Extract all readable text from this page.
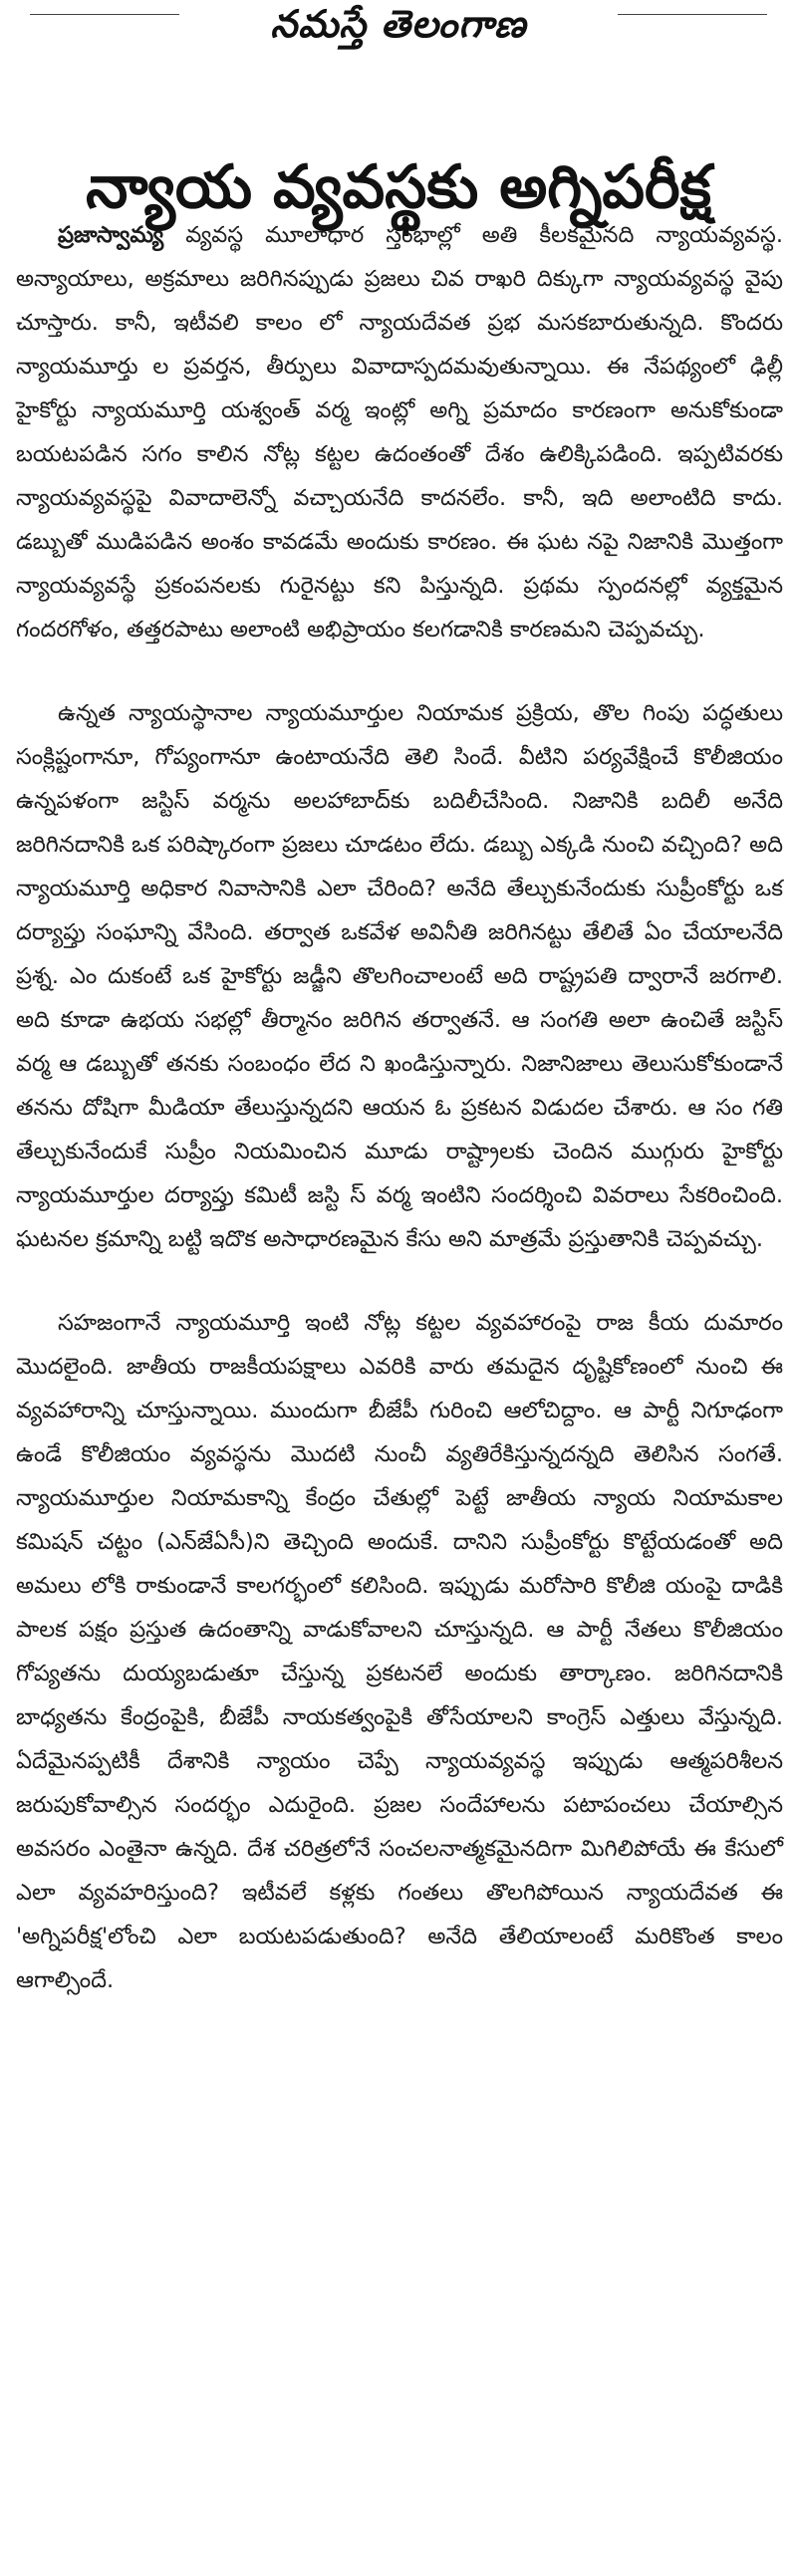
నమస్తే తెలంగాణ
న్యాయ వ్యవస్థకు అగ్నిపరీక్ష

ప్రజాస్వామ్య వ్యవస్థ మూలాధార స్తంభాల్లో అతి కీలకమైనది న్యాయవ్యవస్థ. అన్యాయాలు, అక్రమాలు జరిగినప్పుడు ప్రజలు చివ రాఖరి దిక్కుగా న్యాయవ్యవస్థ వైపు చూస్తారు. కానీ, ఇటీవలి కాలం లో న్యాయదేవత ప్రభ మసకబారుతున్నది. కొందరు న్యాయమూర్తు ల ప్రవర్తన, తీర్పులు వివాదాస్పదమవుతున్నాయి. ఈ నేపథ్యంలో ఢిల్లీ హైకోర్టు న్యాయమూర్తి యశ్వంత్ వర్మ ఇంట్లో అగ్ని ప్రమాదం కారణంగా అనుకోకుండా బయటపడిన సగం కాలిన నోట్ల కట్టల ఉదంతంతో దేశం ఉలిక్కిపడింది. ఇప్పటివరకు న్యాయవ్యవస్థపై వివాదాలెన్నో వచ్చాయనేది కాదనలేం. కానీ, ఇది అలాంటిది కాదు. డబ్బుతో ముడిపడిన అంశం కావడమే అందుకు కారణం. ఈ ఘట నపై నిజానికి మొత్తంగా న్యాయవ్యవస్థే ప్రకంపనలకు గురైనట్టు కని పిస్తున్నది. ప్రథమ స్పందనల్లో వ్యక్తమైన గందరగోళం, తత్తరపాటు అలాంటి అభిప్రాయం కలగడానికి కారణమని చెప్పవచ్చు.

ఉన్నత న్యాయస్థానాల న్యాయమూర్తుల నియామక ప్రక్రియ, తొల గింపు పద్ధతులు సంక్లిష్టంగానూ, గోప్యంగానూ ఉంటాయనేది తెలి సిందే. వీటిని పర్యవేక్షించే కొలీజియం ఉన్నపళంగా జస్టిస్ వర్మను అలహాబాద్‌కు బదిలీచేసింది. నిజానికి బదిలీ అనేది జరిగినదానికి ఒక పరిష్కారంగా ప్రజలు చూడటం లేదు. డబ్బు ఎక్కడి నుంచి వచ్చింది? అది న్యాయమూర్తి అధికార నివాసానికి ఎలా చేరింది? అనేది తేల్చుకునేందుకు సుప్రీంకోర్టు ఒక దర్యాప్తు సంఘాన్ని వేసింది. తర్వాత ఒకవేళ అవినీతి జరిగినట్టు తేలితే ఏం చేయాలనేది ప్రశ్న. ఎం దుకంటే ఒక హైకోర్టు జడ్జీని తొలగించాలంటే అది రాష్ట్రపతి ద్వారానే జరగాలి. అది కూడా ఉభయ సభల్లో తీర్మానం జరిగిన తర్వాతనే. ఆ సంగతి అలా ఉంచితే జస్టిస్ వర్మ ఆ డబ్బుతో తనకు సంబంధం లేద ని ఖండిస్తున్నారు. నిజానిజాలు తెలుసుకోకుండానే తనను దోషిగా మీడియా తేలుస్తున్నదని ఆయన ఓ ప్రకటన విడుదల చేశారు. ఆ సం గతి తేల్చుకునేందుకే సుప్రీం నియమించిన మూడు రాష్ట్రాలకు చెందిన ముగ్గురు హైకోర్టు న్యాయమూర్తుల దర్యాప్తు కమిటీ జస్టి స్ వర్మ ఇంటిని సందర్శించి వివరాలు సేకరించింది. ఘటనల క్రమాన్ని బట్టి ఇదొక అసాధారణమైన కేసు అని మాత్రమే ప్రస్తుతానికి చెప్పవచ్చు.

సహజంగానే న్యాయమూర్తి ఇంటి నోట్ల కట్టల వ్యవహారంపై రాజ కీయ దుమారం మొదలైంది. జాతీయ రాజకీయపక్షాలు ఎవరికి వారు తమదైన దృష్టికోణంలో నుంచి ఈ వ్యవహారాన్ని చూస్తున్నాయి. ముందుగా బీజేపీ గురించి ఆలోచిద్దాం. ఆ పార్టీ నిగూఢంగా ఉండే కొలీజియం వ్యవస్థను మొదటి నుంచీ వ్యతిరేకిస్తున్నదన్నది తెలిసిన సంగతే. న్యాయమూర్తుల నియామకాన్ని కేంద్రం చేతుల్లో పెట్టే జాతీయ న్యాయ నియామకాల కమిషన్ చట్టం (ఎన్‌జేఏసీ)ని తెచ్చింది అందుకే. దానిని సుప్రీంకోర్టు కొట్టేయడంతో అది అమలు లోకి రాకుండానే కాలగర్భంలో కలిసింది. ఇప్పుడు మరోసారి కొలీజి యంపై దాడికి పాలక పక్షం ప్రస్తుత ఉదంతాన్ని వాడుకోవాలని చూస్తున్నది. ఆ పార్టీ నేతలు కొలీజియం గోప్యతను దుయ్యబడుతూ చేస్తున్న ప్రకటనలే అందుకు తార్కాణం. జరిగినదానికి బాధ్యతను కేంద్రంపైకి, బీజేపీ నాయకత్వంపైకి తోసేయాలని కాంగ్రెస్ ఎత్తులు వేస్తున్నది. ఏదేమైనప్పటికీ దేశానికి న్యాయం చెప్పే న్యాయవ్యవస్థ ఇప్పుడు ఆత్మపరిశీలన జరుపుకోవాల్సిన సందర్భం ఎదురైంది. ప్రజల సందేహాలను పటాపంచలు చేయాల్సిన అవసరం ఎంతైనా ఉన్నది. దేశ చరిత్రలోనే సంచలనాత్మకమైనదిగా మిగిలిపోయే ఈ కేసులో ఎలా వ్యవహరిస్తుంది? ఇటీవలే కళ్లకు గంతలు తొలగిపోయిన న్యాయదేవత ఈ 'అగ్నిపరీక్ష'లోంచి ఎలా బయటపడుతుంది? అనేది తేలియాలంటే మరికొంత కాలం ఆగాల్సిందే.
